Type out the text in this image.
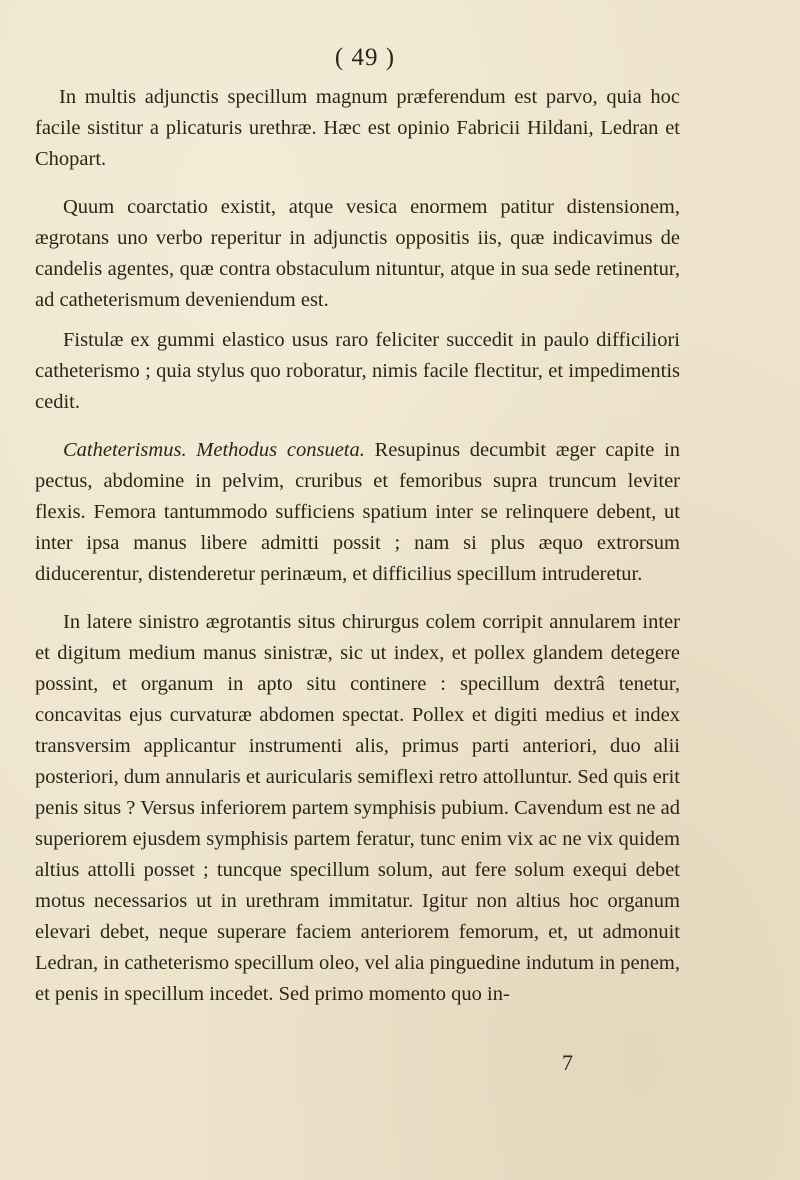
( 49 )

In multis adjunctis specillum magnum præferendum est parvo, quia hoc facile sistitur a plicaturis urethræ. Hæc est opinio Fabricii Hildani, Ledran et Chopart.

Quum coarctatio existit, atque vesica enormem patitur distensionem, ægrotans uno verbo reperitur in adjunctis oppositis iis, quæ indicavimus de candelis agentes, quæ contra obstaculum nituntur, atque in sua sede retinentur, ad catheterismum deveniendum est.

Fistulæ ex gummi elastico usus raro feliciter succedit in paulo difficiliori catheterismo ; quia stylus quo roboratur, nimis facile flectitur, et impedimentis cedit.

Catheterismus. Methodus consueta. Resupinus decumbit æger capite in pectus, abdomine in pelvim, cruribus et femoribus supra truncum leviter flexis. Femora tantummodo sufficiens spatium inter se relinquere debent, ut inter ipsa manus libere admitti possit ; nam si plus æquo extrorsum diducerentur, distenderetur perinæum, et difficilius specillum intruderetur.

In latere sinistro ægrotantis situs chirurgus colem corripit annularem inter et digitum medium manus sinistræ, sic ut index, et pollex glandem detegere possint, et organum in apto situ continere : specillum dextrâ tenetur, concavitas ejus curvaturæ abdomen spectat. Pollex et digiti medius et index transversim applicantur instrumenti alis, primus parti anteriori, duo alii posteriori, dum annularis et auricularis semiflexi retro attolluntur. Sed quis erit penis situs ? Versus inferiorem partem symphisis pubium. Cavendum est ne ad superiorem ejusdem symphisis partem feratur, tunc enim vix ac ne vix quidem altius attolli posset ; tuncque specillum solum, aut fere solum exequi debet motus necessarios ut in urethram immitatur. Igitur non altius hoc organum elevari debet, neque superare faciem anteriorem femorum, et, ut admonuit Ledran, in catheterismo specillum oleo, vel alia pinguedine indutum in penem, et penis in specillum incedet. Sed primo momento quo in-

7
